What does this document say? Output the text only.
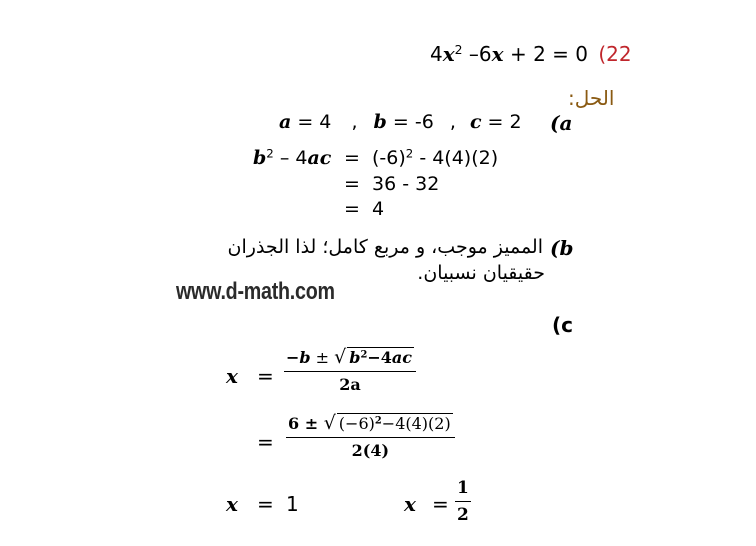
4𝒙$^2$ –6𝒙 + 2 = 0 (22
الحل:
a = 4 , b = -6 , c = 2 (a
$b^2 - 4ac = (-6)^2 - 4(4)(2)$
= 36 - 32
= 4
المميز موجب، و مربع كامل؛ لذا الجذران (b
حقيقيان نسبيان.
www.d-math.com
(c
$x = \frac{-b \pm √ b^2-4ac}{2a}$
= $\frac{6 \pm √ (-6)^2-4(4)(2)}{2(4)}$
x = 1	$x = \frac{1}{2}$
